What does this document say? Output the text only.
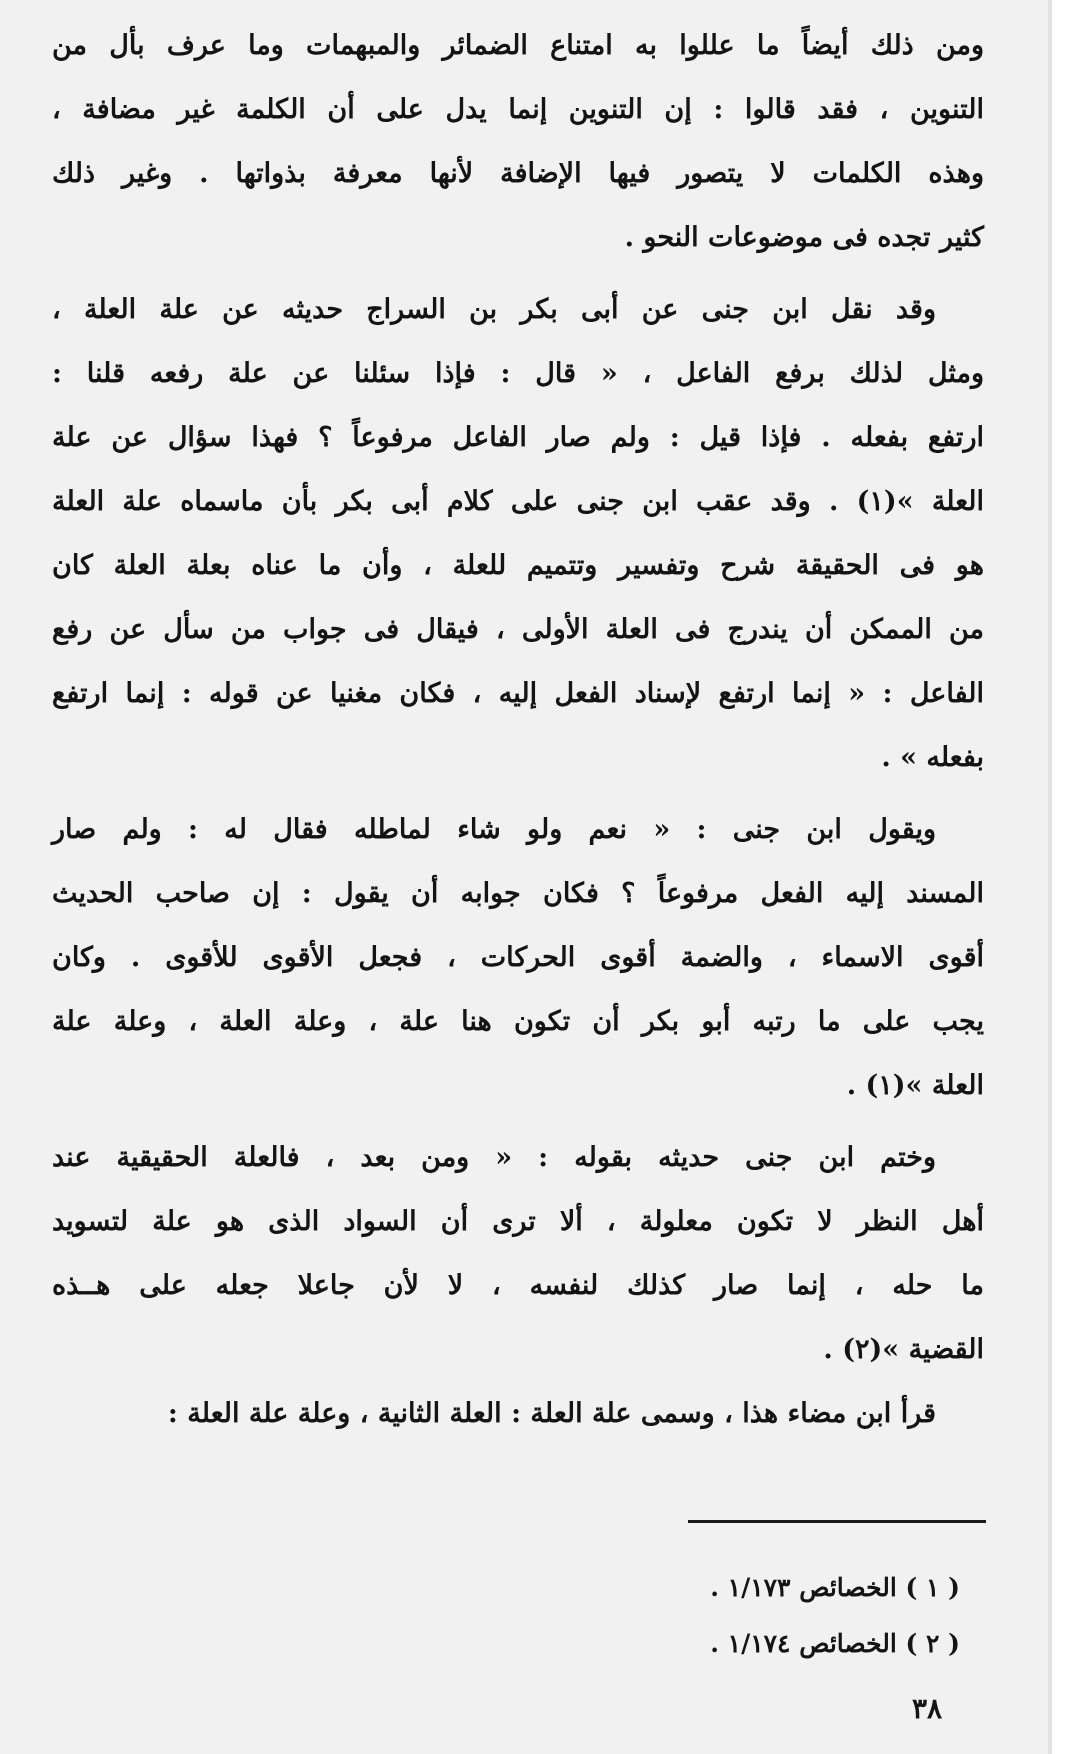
ومن ذلك أيضاً ما عللوا به امتناع الضمائر والمبهمات وما عرف بأل من
التنوين ، فقد قالوا : إن التنوين إنما يدل على أن الكلمة غير مضافة ،
وهذه الكلمات لا يتصور فيها الإضافة لأنها معرفة بذواتها . وغير ذلك
كثير تجده فى موضوعات النحو .
وقد نقل ابن جنى عن أبى بكر بن السراج حديثه عن علة العلة ،
ومثل لذلك برفع الفاعل ، « قال : فإذا سئلنا عن علة رفعه قلنا :
ارتفع بفعله . فإذا قيل : ولم صار الفاعل مرفوعاً ؟ فهذا سؤال عن علة
العلة »(١) . وقد عقب ابن جنى على كلام أبى بكر بأن ماسماه علة العلة
هو فى الحقيقة شرح وتفسير وتتميم للعلة ، وأن ما عناه بعلة العلة كان
من الممكن أن يندرج فى العلة الأولى ، فيقال فى جواب من سأل عن رفع
الفاعل : « إنما ارتفع لإسناد الفعل إليه ، فكان مغنيا عن قوله : إنما ارتفع
بفعله » .
ويقول ابن جنى : « نعم ولو شاء لماطله فقال له : ولم صار
المسند إليه الفعل مرفوعاً ؟ فكان جوابه أن يقول : إن صاحب الحديث
أقوى الاسماء ، والضمة أقوى الحركات ، فجعل الأقوى للأقوى . وكان
يجب على ما رتبه أبو بكر أن تكون هنا علة ، وعلة العلة ، وعلة علة
العلة »(١) .
وختم ابن جنى حديثه بقوله : « ومن بعد ، فالعلة الحقيقية عند
أهل النظر لا تكون معلولة ، ألا ترى أن السواد الذى هو علة لتسويد
ما حله ، إنما صار كذلك لنفسه ، لا لأن جاعلا جعله على هــذه
القضية »(٢) .
قرأ ابن مضاء هذا ، وسمى علة العلة : العلة الثانية ، وعلة علة العلة :
( ١ ) الخصائص ١/١٧٣ .
( ٢ ) الخصائص ١/١٧٤ .
٣٨
